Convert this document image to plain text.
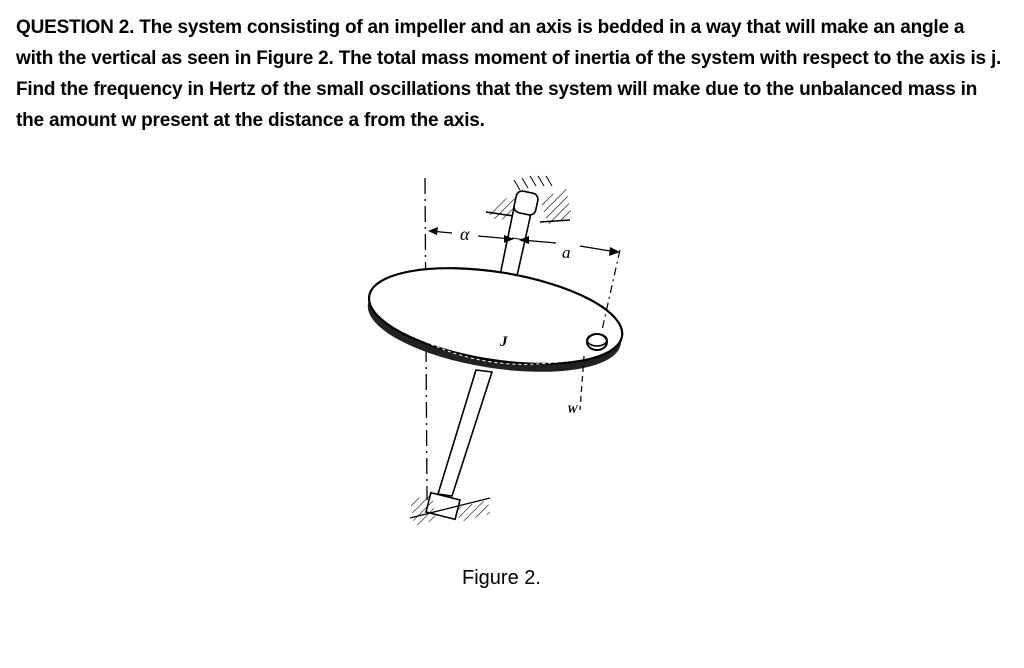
QUESTION 2. The system consisting of an impeller and an axis is bedded in a way that will make an angle a with the vertical as seen in Figure 2. The total mass moment of inertia of the system with respect to the axis is j. Find the frequency in Hertz of the small oscillations that the system will make due to the unbalanced mass in the amount w present at the distance a from the axis.

α
a
J
W
Figure 2.
